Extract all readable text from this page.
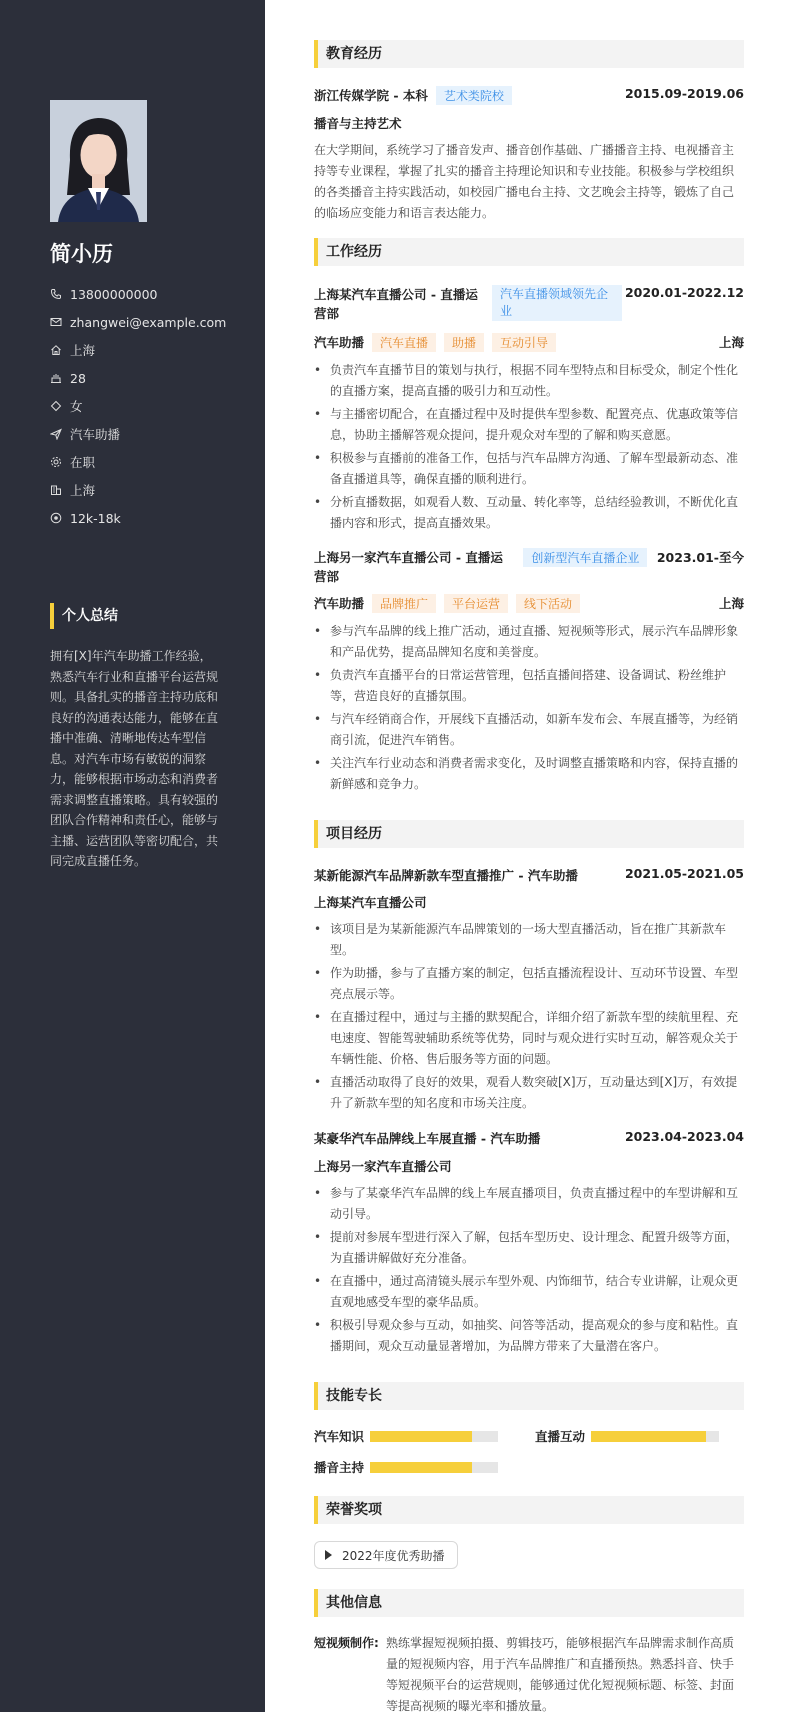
简小历
13800000000
zhangwei@example.com
上海
28
女
汽车助播
在职
上海
12k-18k
个人总结
拥有[X]年汽车助播工作经验，熟悉汽车行业和直播平台运营规则。具备扎实的播音主持功底和良好的沟通表达能力，能够在直播中准确、清晰地传达车型信息。对汽车市场有敏锐的洞察力，能够根据市场动态和消费者需求调整直播策略。具有较强的团队合作精神和责任心，能够与主播、运营团队等密切配合，共同完成直播任务。
教育经历
浙江传媒学院 - 本科 艺术类院校	2015.09-2019.06
播音与主持艺术
在大学期间，系统学习了播音发声、播音创作基础、广播播音主持、电视播音主持等专业课程，掌握了扎实的播音主持理论知识和专业技能。积极参与学校组织的各类播音主持实践活动，如校园广播电台主持、文艺晚会主持等，锻炼了自己的临场应变能力和语言表达能力。
工作经历
上海某汽车直播公司 - 直播运营部
汽车直播领域领先企业
2020.01-2022.12
汽车助播 汽车直播 助播 互动引导	上海
• 负责汽车直播节目的策划与执行，根据不同车型特点和目标受众，制定个性化的直播方案，提高直播的吸引力和互动性。
• 与主播密切配合，在直播过程中及时提供车型参数、配置亮点、优惠政策等信息，协助主播解答观众提问，提升观众对车型的了解和购买意愿。
• 积极参与直播前的准备工作，包括与汽车品牌方沟通、了解车型最新动态、准备直播道具等，确保直播的顺利进行。
• 分析直播数据，如观看人数、互动量、转化率等，总结经验教训，不断优化直播内容和形式，提高直播效果。
上海另一家汽车直播公司 - 直播运营部
创新型汽车直播企业	2023.01-至今
汽车助播 品牌推广 平台运营 线下活动	上海
• 参与汽车品牌的线上推广活动，通过直播、短视频等形式，展示汽车品牌形象和产品优势，提高品牌知名度和美誉度。
• 负责汽车直播平台的日常运营管理，包括直播间搭建、设备调试、粉丝维护等，营造良好的直播氛围。
• 与汽车经销商合作，开展线下直播活动，如新车发布会、车展直播等，为经销商引流，促进汽车销售。
• 关注汽车行业动态和消费者需求变化，及时调整直播策略和内容，保持直播的新鲜感和竞争力。
项目经历
某新能源汽车品牌新款车型直播推广 - 汽车助播	2021.05-2021.05
上海某汽车直播公司
• 该项目是为某新能源汽车品牌策划的一场大型直播活动，旨在推广其新款车型。
• 作为助播，参与了直播方案的制定，包括直播流程设计、互动环节设置、车型亮点展示等。
• 在直播过程中，通过与主播的默契配合，详细介绍了新款车型的续航里程、充电速度、智能驾驶辅助系统等优势，同时与观众进行实时互动，解答观众关于车辆性能、价格、售后服务等方面的问题。
• 直播活动取得了良好的效果，观看人数突破[X]万，互动量达到[X]万，有效提升了新款车型的知名度和市场关注度。
某豪华汽车品牌线上车展直播 - 汽车助播	2023.04-2023.04
上海另一家汽车直播公司
• 参与了某豪华汽车品牌的线上车展直播项目，负责直播过程中的车型讲解和互动引导。
• 提前对参展车型进行深入了解，包括车型历史、设计理念、配置升级等方面，为直播讲解做好充分准备。
• 在直播中，通过高清镜头展示车型外观、内饰细节，结合专业讲解，让观众更直观地感受车型的豪华品质。
• 积极引导观众参与互动，如抽奖、问答等活动，提高观众的参与度和粘性。直播期间，观众互动量显著增加，为品牌方带来了大量潜在客户。
技能专长
汽车知识	直播互动
播音主持
荣誉奖项
2022年度优秀助播
其他信息
短视频制作: 熟练掌握短视频拍摄、剪辑技巧，能够根据汽车品牌需求制作高质量的短视频内容，用于汽车品牌推广和直播预热。熟悉抖音、快手等短视频平台的运营规则，能够通过优化短视频标题、标签、封面等提高视频的曝光率和播放量。
